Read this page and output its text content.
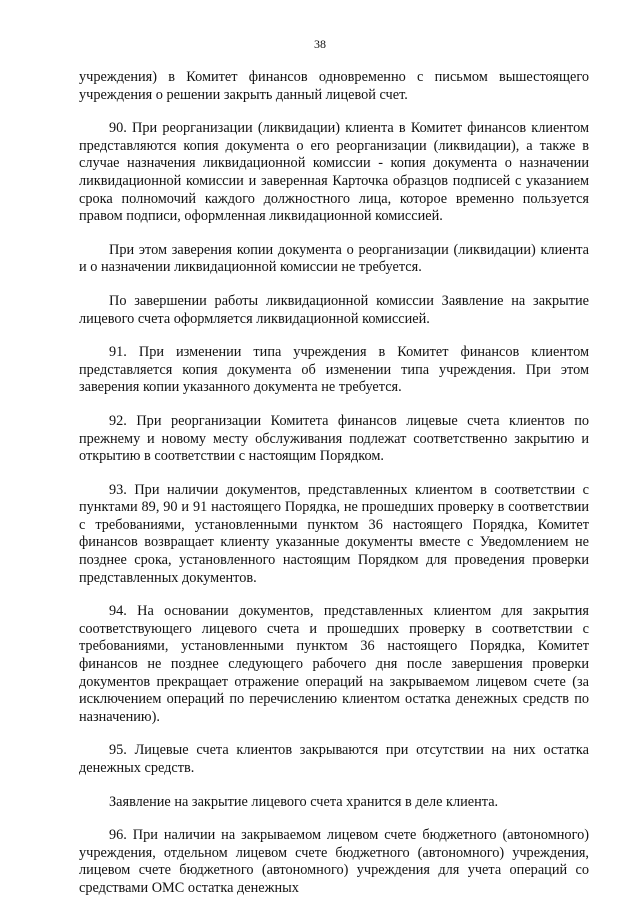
38

учреждения) в Комитет финансов одновременно с письмом вышестоящего учреждения о решении закрыть данный лицевой счет.

90. При реорганизации (ликвидации) клиента в Комитет финансов клиентом представляются копия документа о его реорганизации (ликвидации), а также в случае назначения ликвидационной комиссии - копия документа о назначении ликвидационной комиссии и заверенная Карточка образцов подписей с указанием срока полномочий каждого должностного лица, которое временно пользуется правом подписи, оформленная ликвидационной комиссией.

При этом заверения копии документа о реорганизации (ликвидации) клиента и о назначении ликвидационной комиссии не требуется.

По завершении работы ликвидационной комиссии Заявление на закрытие лицевого счета оформляется ликвидационной комиссией.

91. При изменении типа учреждения в Комитет финансов клиентом представляется копия документа об изменении типа учреждения. При этом заверения копии указанного документа не требуется.

92. При реорганизации Комитета финансов лицевые счета клиентов по прежнему и новому месту обслуживания подлежат соответственно закрытию и открытию в соответствии с настоящим Порядком.

93. При наличии документов, представленных клиентом в соответствии с пунктами 89, 90 и 91 настоящего Порядка, не прошедших проверку в соответствии с требованиями, установленными пунктом 36 настоящего Порядка, Комитет финансов возвращает клиенту указанные документы вместе с Уведомлением не позднее срока, установленного настоящим Порядком для проведения проверки представленных документов.

94. На основании документов, представленных клиентом для закрытия соответствующего лицевого счета и прошедших проверку в соответствии с требованиями, установленными пунктом 36 настоящего Порядка, Комитет финансов не позднее следующего рабочего дня после завершения проверки документов прекращает отражение операций на закрываемом лицевом счете (за исключением операций по перечислению клиентом остатка денежных средств по назначению).

95. Лицевые счета клиентов закрываются при отсутствии на них остатка денежных средств.

Заявление на закрытие лицевого счета хранится в деле клиента.

96. При наличии на закрываемом лицевом счете бюджетного (автономного) учреждения, отдельном лицевом счете бюджетного (автономного) учреждения, лицевом счете бюджетного (автономного) учреждения для учета операций со средствами ОМС остатка денежных
